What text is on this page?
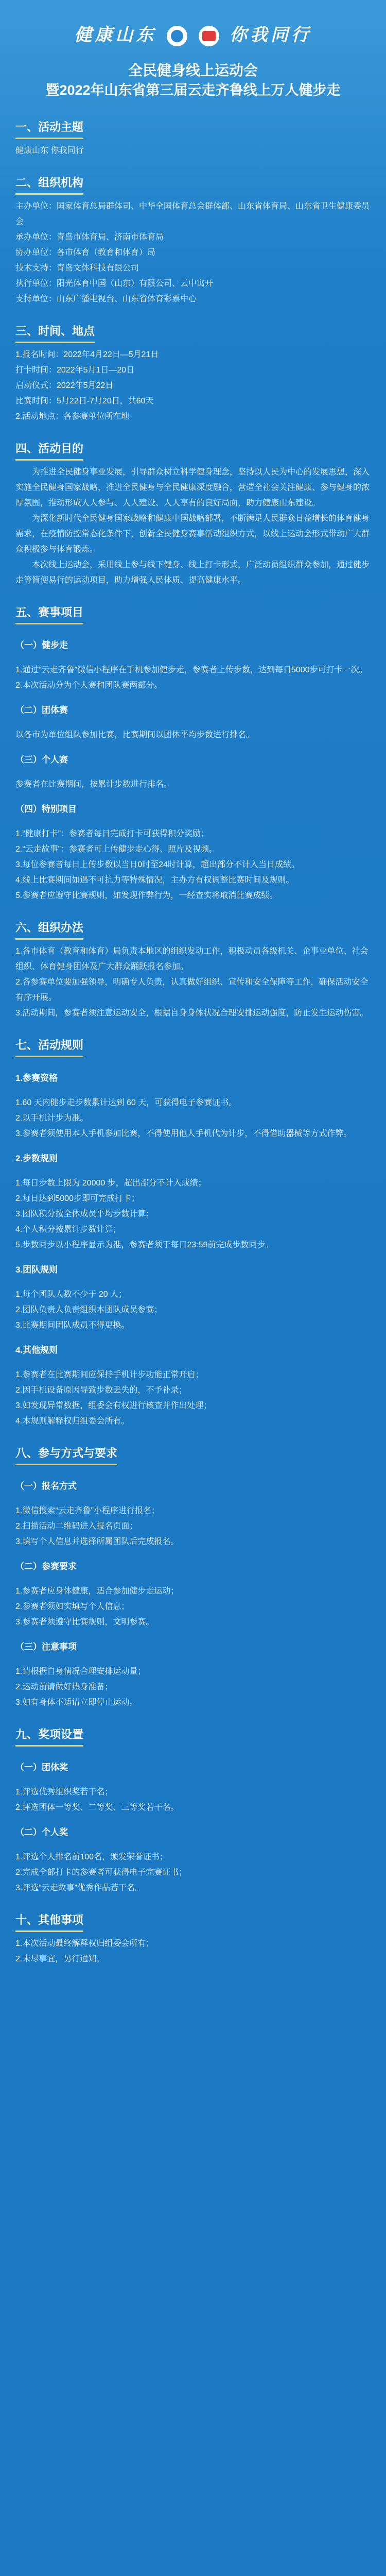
健康山东	你我同行
全民健身线上运动会
暨2022年山东省第三届云走齐鲁线上万人健步走
一、活动主题

健康山东 你我同行

二、组织机构

主办单位：国家体育总局群体司、中华全国体育总会群体部、山东省体育局、山东省卫生健康委员会

承办单位：青岛市体育局、济南市体育局

协办单位：各市体育（教育和体育）局

技术支持：青岛文体科技有限公司

执行单位：阳光体育中国（山东）有限公司、云中寓开

支持单位：山东广播电视台、山东省体育彩票中心

三、时间、地点

1.报名时间：2022年4月22日—5月21日

打卡时间：2022年5月1日—20日

启动仪式：2022年5月22日

比赛时间：5月22日-7月20日，共60天

2.活动地点：各参赛单位所在地

四、活动目的

为推进全民健身事业发展，引导群众树立科学健身理念，坚持以人民为中心的发展思想，深入实施全民健身国家战略，推进全民健身与全民健康深度融合，营造全社会关注健康、参与健身的浓厚氛围，推动形成人人参与、人人建设、人人享有的良好局面，助力健康山东建设。

为深化新时代全民健身国家战略和健康中国战略部署，不断满足人民群众日益增长的体育健身需求，在疫情防控常态化条件下，创新全民健身赛事活动组织方式，以线上运动会形式带动广大群众积极参与体育锻炼。

本次线上运动会，采用线上参与线下健身、线上打卡形式，广泛动员组织群众参加，通过健步走等简便易行的运动项目，助力增强人民体质、提高健康水平。

五、赛事项目

（一）健步走

1.通过“云走齐鲁”微信小程序在手机参加健步走，参赛者上传步数，达到每日5000步可打卡一次。

2.本次活动分为个人赛和团队赛两部分。

（二）团体赛

以各市为单位组队参加比赛，比赛期间以团体平均步数进行排名。

（三）个人赛

参赛者在比赛期间，按累计步数进行排名。

（四）特别项目

1.“健康打卡”：参赛者每日完成打卡可获得积分奖励；

2.“云走故事”：参赛者可上传健步走心得、照片及视频。

3.每位参赛者每日上传步数以当日0时至24时计算，超出部分不计入当日成绩。

4.线上比赛期间如遇不可抗力等特殊情况，主办方有权调整比赛时间及规则。

5.参赛者应遵守比赛规则，如发现作弊行为，一经查实将取消比赛成绩。

六、组织办法

1.各市体育（教育和体育）局负责本地区的组织发动工作，积极动员各级机关、企事业单位、社会组织、体育健身团体及广大群众踊跃报名参加。

2.各参赛单位要加强领导，明确专人负责，认真做好组织、宣传和安全保障等工作，确保活动安全有序开展。

3.活动期间，参赛者须注意运动安全，根据自身身体状况合理安排运动强度，防止发生运动伤害。

七、活动规则

1.参赛资格

1.60 天内健步走步数累计达到 60 天，可获得电子参赛证书。

2.以手机计步为准。

3.参赛者须使用本人手机参加比赛，不得使用他人手机代为计步，不得借助器械等方式作弊。

2.步数规则

1.每日步数上限为 20000 步，超出部分不计入成绩；

2.每日达到5000步即可完成打卡；

3.团队积分按全体成员平均步数计算；

4.个人积分按累计步数计算；

5.步数同步以小程序显示为准，参赛者须于每日23:59前完成步数同步。

3.团队规则

1.每个团队人数不少于 20 人；

2.团队负责人负责组织本团队成员参赛；

3.比赛期间团队成员不得更换。

4.其他规则

1.参赛者在比赛期间应保持手机计步功能正常开启；

2.因手机设备原因导致步数丢失的，不予补录；

3.如发现异常数据，组委会有权进行核查并作出处理；

4.本规则解释权归组委会所有。

八、参与方式与要求

（一）报名方式

1.微信搜索“云走齐鲁”小程序进行报名；

2.扫描活动二维码进入报名页面；

3.填写个人信息并选择所属团队后完成报名。

（二）参赛要求

1.参赛者应身体健康，适合参加健步走运动；

2.参赛者须如实填写个人信息；

3.参赛者须遵守比赛规则，文明参赛。

（三）注意事项

1.请根据自身情况合理安排运动量；

2.运动前请做好热身准备；

3.如有身体不适请立即停止运动。

九、奖项设置

（一）团体奖

1.评选优秀组织奖若干名；

2.评选团体一等奖、二等奖、三等奖若干名。

（二）个人奖

1.评选个人排名前100名，颁发荣誉证书；

2.完成全部打卡的参赛者可获得电子完赛证书；

3.评选“云走故事”优秀作品若干名。

十、其他事项

1.本次活动最终解释权归组委会所有；

2.未尽事宜，另行通知。
